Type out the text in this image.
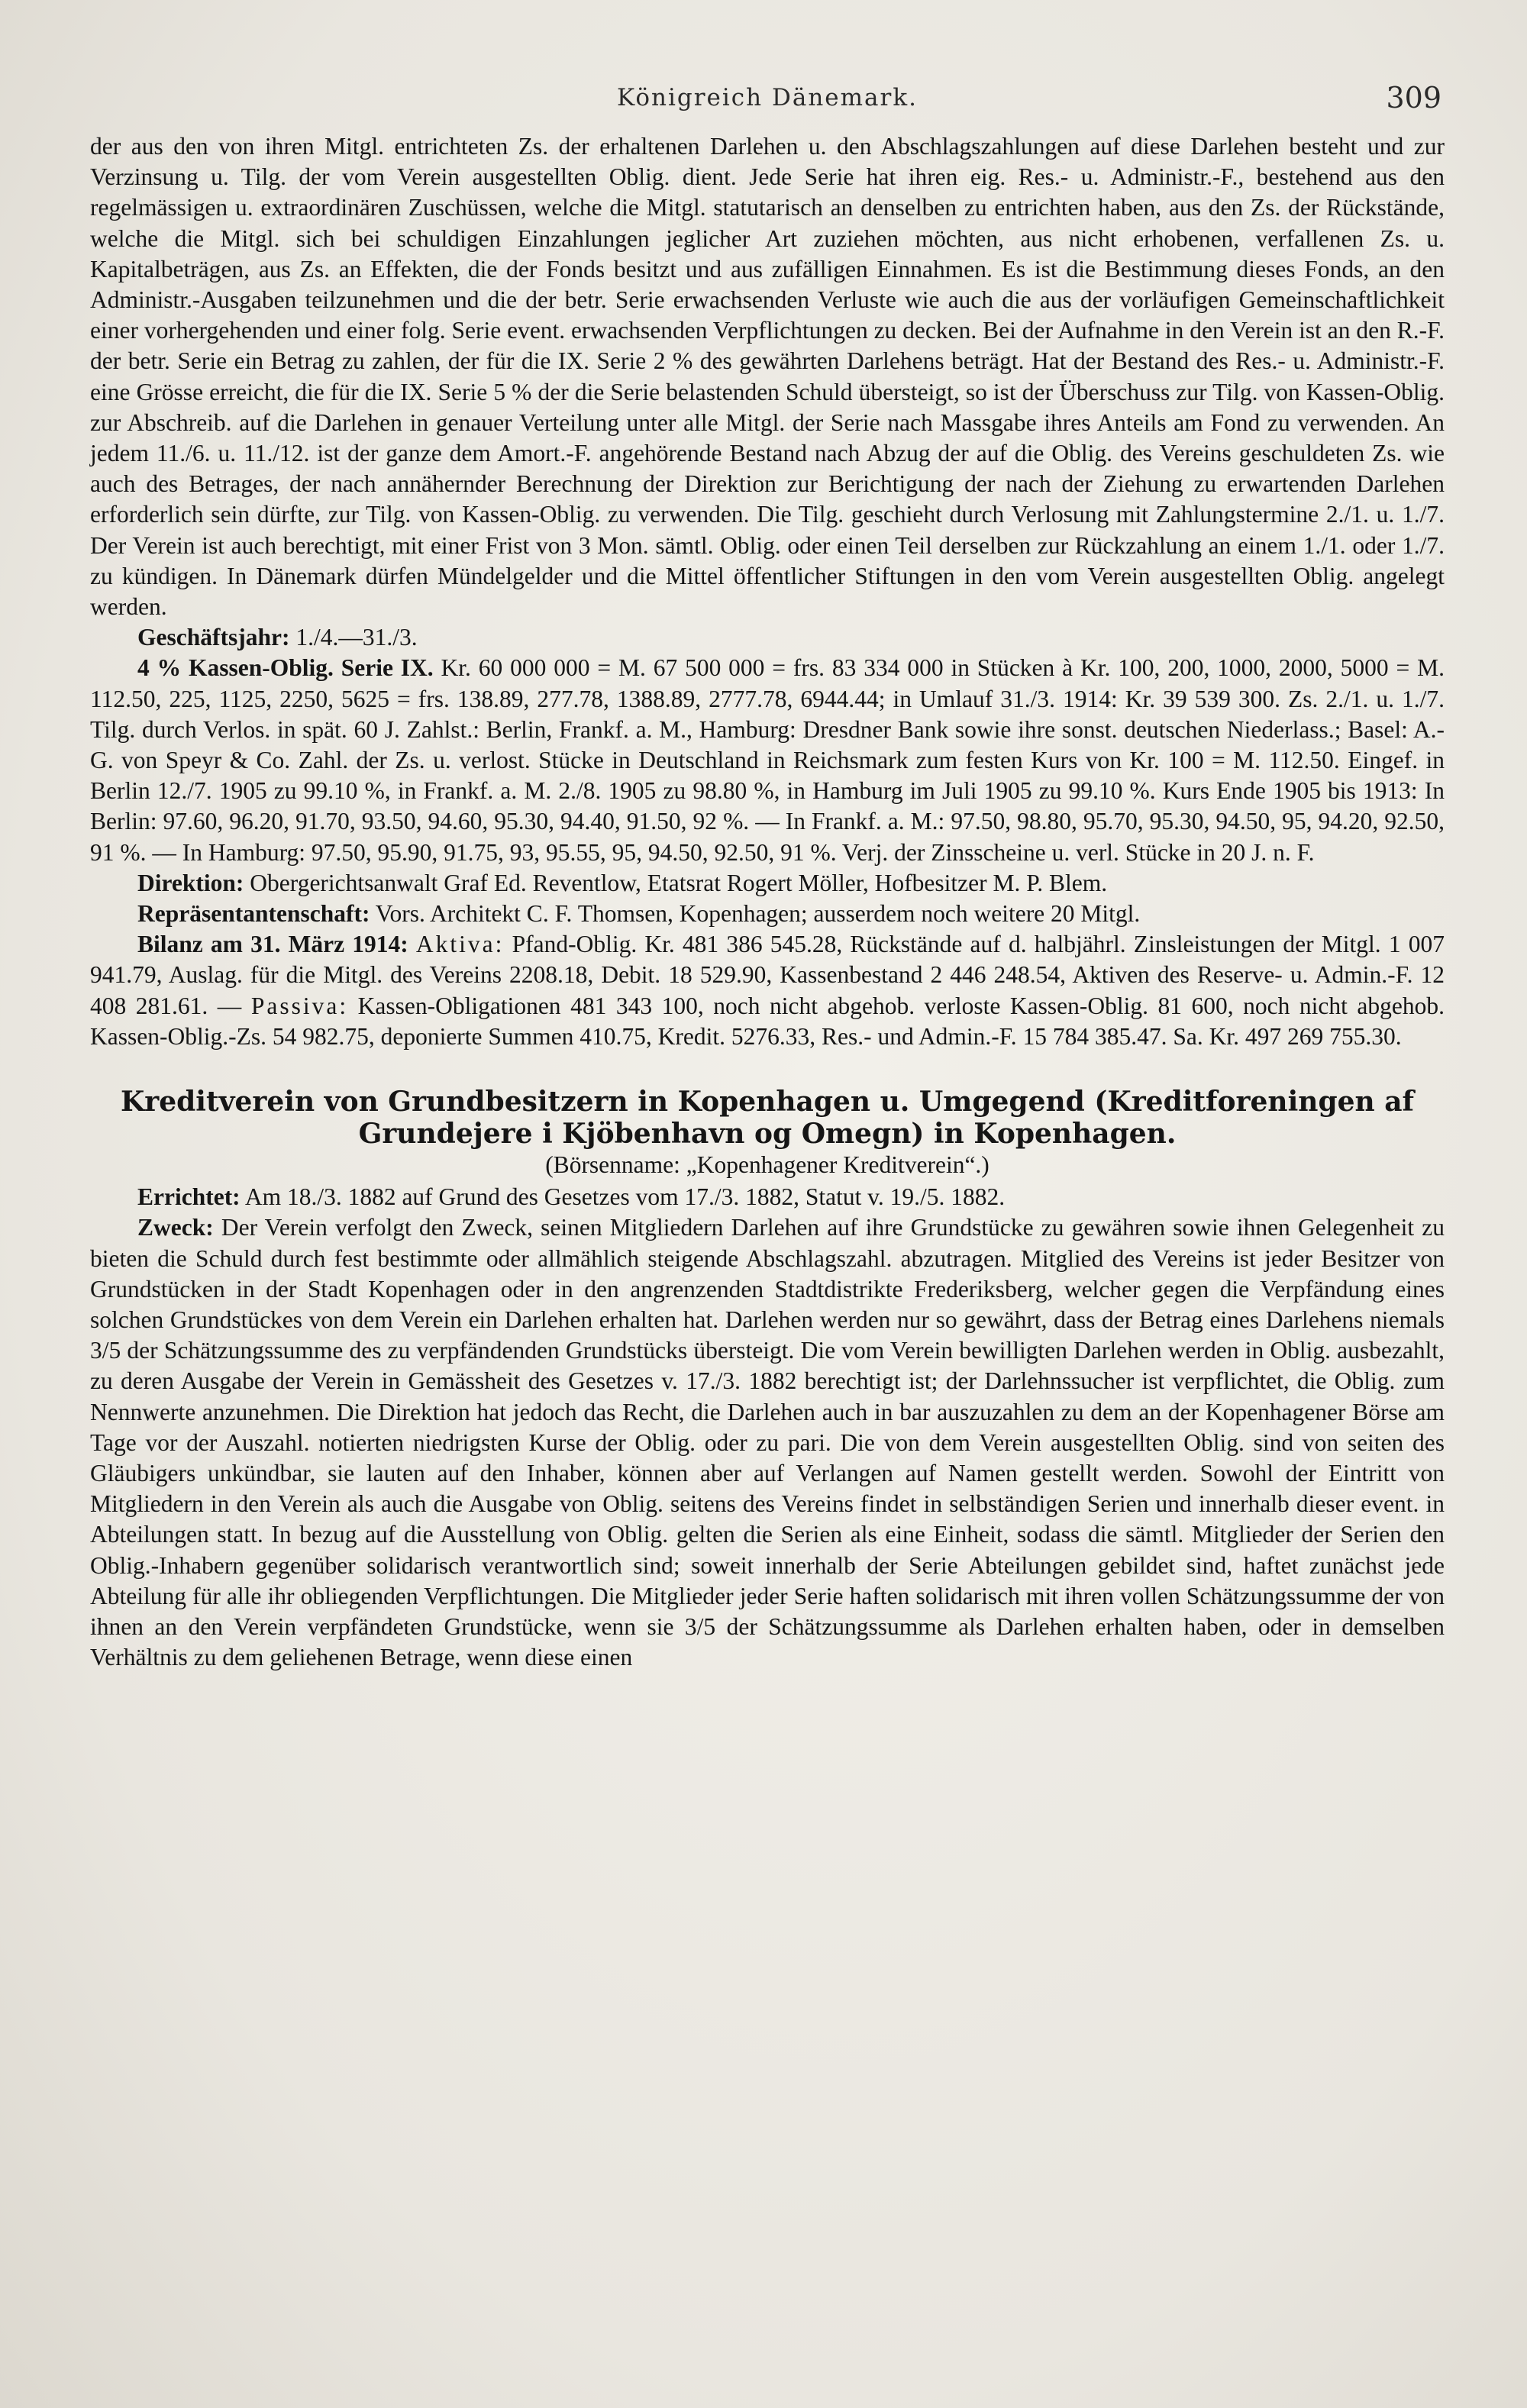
Königreich Dänemark.	309

der aus den von ihren Mitgl. entrichteten Zs. der erhaltenen Darlehen u. den Abschlagszahlungen auf diese Darlehen besteht und zur Verzinsung u. Tilg. der vom Verein ausgestellten Oblig. dient. Jede Serie hat ihren eig. Res.- u. Administr.-F., bestehend aus den regelmässigen u. extraordinären Zuschüssen, welche die Mitgl. statutarisch an denselben zu entrichten haben, aus den Zs. der Rückstände, welche die Mitgl. sich bei schuldigen Einzahlungen jeglicher Art zuziehen möchten, aus nicht erhobenen, verfallenen Zs. u. Kapitalbeträgen, aus Zs. an Effekten, die der Fonds besitzt und aus zufälligen Einnahmen. Es ist die Bestimmung dieses Fonds, an den Administr.-Ausgaben teilzunehmen und die der betr. Serie erwachsenden Verluste wie auch die aus der vorläufigen Gemeinschaftlichkeit einer vorhergehenden und einer folg. Serie event. erwachsenden Verpflichtungen zu decken. Bei der Aufnahme in den Verein ist an den R.-F. der betr. Serie ein Betrag zu zahlen, der für die IX. Serie 2 % des gewährten Darlehens beträgt. Hat der Bestand des Res.- u. Administr.-F. eine Grösse erreicht, die für die IX. Serie 5 % der die Serie belastenden Schuld übersteigt, so ist der Überschuss zur Tilg. von Kassen-Oblig. zur Abschreib. auf die Darlehen in genauer Verteilung unter alle Mitgl. der Serie nach Massgabe ihres Anteils am Fond zu verwenden. An jedem 11./6. u. 11./12. ist der ganze dem Amort.-F. angehörende Bestand nach Abzug der auf die Oblig. des Vereins geschuldeten Zs. wie auch des Betrages, der nach annähernder Berechnung der Direktion zur Berichtigung der nach der Ziehung zu erwartenden Darlehen erforderlich sein dürfte, zur Tilg. von Kassen-Oblig. zu verwenden. Die Tilg. geschieht durch Verlosung mit Zahlungstermine 2./1. u. 1./7. Der Verein ist auch berechtigt, mit einer Frist von 3 Mon. sämtl. Oblig. oder einen Teil derselben zur Rückzahlung an einem 1./1. oder 1./7. zu kündigen. In Dänemark dürfen Mündelgelder und die Mittel öffentlicher Stiftungen in den vom Verein ausgestellten Oblig. angelegt werden.

Geschäftsjahr: 1./4.—31./3.

4 % Kassen-Oblig. Serie IX. Kr. 60 000 000 = M. 67 500 000 = frs. 83 334 000 in Stücken à Kr. 100, 200, 1000, 2000, 5000 = M. 112.50, 225, 1125, 2250, 5625 = frs. 138.89, 277.78, 1388.89, 2777.78, 6944.44; in Umlauf 31./3. 1914: Kr. 39 539 300. Zs. 2./1. u. 1./7. Tilg. durch Verlos. in spät. 60 J. Zahlst.: Berlin, Frankf. a. M., Hamburg: Dresdner Bank sowie ihre sonst. deutschen Niederlass.; Basel: A.-G. von Speyr & Co. Zahl. der Zs. u. verlost. Stücke in Deutschland in Reichsmark zum festen Kurs von Kr. 100 = M. 112.50. Eingef. in Berlin 12./7. 1905 zu 99.10 %, in Frankf. a. M. 2./8. 1905 zu 98.80 %, in Hamburg im Juli 1905 zu 99.10 %. Kurs Ende 1905 bis 1913: In Berlin: 97.60, 96.20, 91.70, 93.50, 94.60, 95.30, 94.40, 91.50, 92 %. — In Frankf. a. M.: 97.50, 98.80, 95.70, 95.30, 94.50, 95, 94.20, 92.50, 91 %. — In Hamburg: 97.50, 95.90, 91.75, 93, 95.55, 95, 94.50, 92.50, 91 %. Verj. der Zinsscheine u. verl. Stücke in 20 J. n. F.

Direktion: Obergerichtsanwalt Graf Ed. Reventlow, Etatsrat Rogert Möller, Hofbesitzer M. P. Blem.

Repräsentantenschaft: Vors. Architekt C. F. Thomsen, Kopenhagen; ausserdem noch weitere 20 Mitgl.

Bilanz am 31. März 1914: Aktiva: Pfand-Oblig. Kr. 481 386 545.28, Rückstände auf d. halbjährl. Zinsleistungen der Mitgl. 1 007 941.79, Auslag. für die Mitgl. des Vereins 2208.18, Debit. 18 529.90, Kassenbestand 2 446 248.54, Aktiven des Reserve- u. Admin.-F. 12 408 281.61. — Passiva: Kassen-Obligationen 481 343 100, noch nicht abgehob. verloste Kassen-Oblig. 81 600, noch nicht abgehob. Kassen-Oblig.-Zs. 54 982.75, deponierte Summen 410.75, Kredit. 5276.33, Res.- und Admin.-F. 15 784 385.47. Sa. Kr. 497 269 755.30.

Kreditverein von Grundbesitzern in Kopenhagen u. Umgegend (Kreditforeningen af Grundejere i Kjöbenhavn og Omegn) in Kopenhagen.
(Börsenname: „Kopenhagener Kreditverein“.)

Errichtet: Am 18./3. 1882 auf Grund des Gesetzes vom 17./3. 1882, Statut v. 19./5. 1882.

Zweck: Der Verein verfolgt den Zweck, seinen Mitgliedern Darlehen auf ihre Grundstücke zu gewähren sowie ihnen Gelegenheit zu bieten die Schuld durch fest bestimmte oder allmählich steigende Abschlagszahl. abzutragen. Mitglied des Vereins ist jeder Besitzer von Grundstücken in der Stadt Kopenhagen oder in den angrenzenden Stadtdistrikte Frederiksberg, welcher gegen die Verpfändung eines solchen Grundstückes von dem Verein ein Darlehen erhalten hat. Darlehen werden nur so gewährt, dass der Betrag eines Darlehens niemals 3/5 der Schätzungssumme des zu verpfändenden Grundstücks übersteigt. Die vom Verein bewilligten Darlehen werden in Oblig. ausbezahlt, zu deren Ausgabe der Verein in Gemässheit des Gesetzes v. 17./3. 1882 berechtigt ist; der Darlehnssucher ist verpflichtet, die Oblig. zum Nennwerte anzunehmen. Die Direktion hat jedoch das Recht, die Darlehen auch in bar auszuzahlen zu dem an der Kopenhagener Börse am Tage vor der Auszahl. notierten niedrigsten Kurse der Oblig. oder zu pari. Die von dem Verein ausgestellten Oblig. sind von seiten des Gläubigers unkündbar, sie lauten auf den Inhaber, können aber auf Verlangen auf Namen gestellt werden. Sowohl der Eintritt von Mitgliedern in den Verein als auch die Ausgabe von Oblig. seitens des Vereins findet in selbständigen Serien und innerhalb dieser event. in Abteilungen statt. In bezug auf die Ausstellung von Oblig. gelten die Serien als eine Einheit, sodass die sämtl. Mitglieder der Serien den Oblig.-Inhabern gegenüber solidarisch verantwortlich sind; soweit innerhalb der Serie Abteilungen gebildet sind, haftet zunächst jede Abteilung für alle ihr obliegenden Verpflichtungen. Die Mitglieder jeder Serie haften solidarisch mit ihren vollen Schätzungssumme der von ihnen an den Verein verpfändeten Grundstücke, wenn sie 3/5 der Schätzungssumme als Darlehen erhalten haben, oder in demselben Verhältnis zu dem geliehenen Betrage, wenn diese einen
